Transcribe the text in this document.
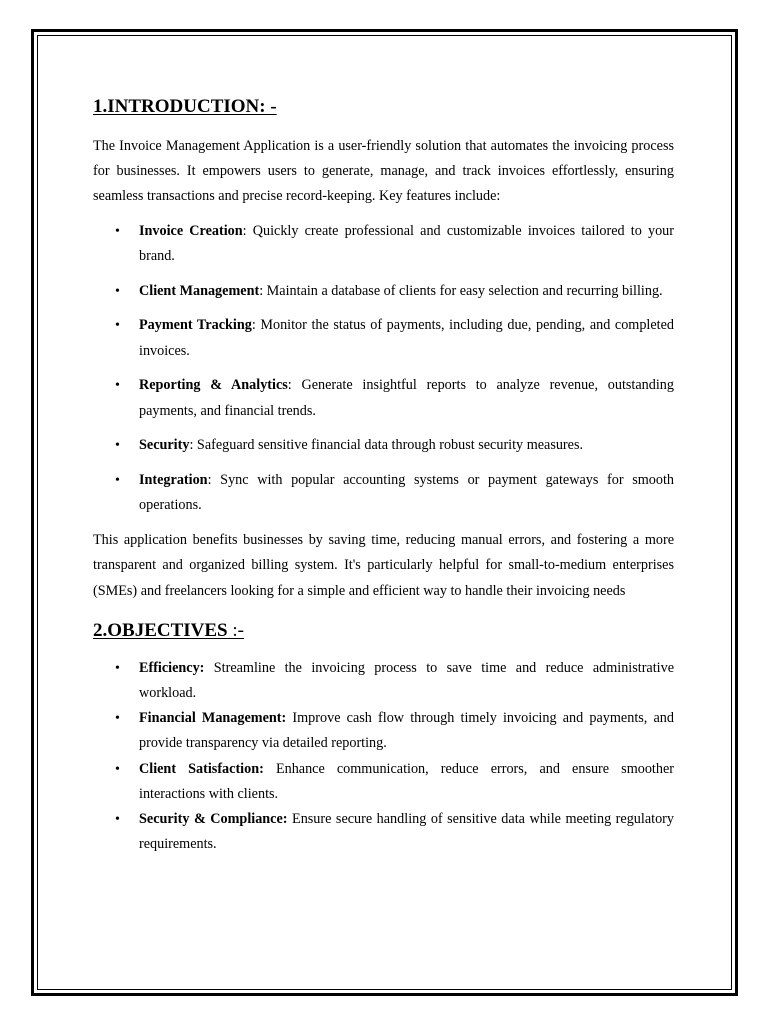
1.INTRODUCTION: -

The Invoice Management Application is a user-friendly solution that automates the invoicing process for businesses. It empowers users to generate, manage, and track invoices effortlessly, ensuring seamless transactions and precise record-keeping. Key features include:

• Invoice Creation: Quickly create professional and customizable invoices tailored to your brand.
• Client Management: Maintain a database of clients for easy selection and recurring billing.
• Payment Tracking: Monitor the status of payments, including due, pending, and completed invoices.
• Reporting & Analytics: Generate insightful reports to analyze revenue, outstanding payments, and financial trends.
• Security: Safeguard sensitive financial data through robust security measures.
• Integration: Sync with popular accounting systems or payment gateways for smooth operations.

This application benefits businesses by saving time, reducing manual errors, and fostering a more transparent and organized billing system. It's particularly helpful for small-to-medium enterprises (SMEs) and freelancers looking for a simple and efficient way to handle their invoicing needs

2.OBJECTIVES :-
• Efficiency: Streamline the invoicing process to save time and reduce administrative workload.
• Financial Management: Improve cash flow through timely invoicing and payments, and provide transparency via detailed reporting.
• Client Satisfaction: Enhance communication, reduce errors, and ensure smoother interactions with clients.
• Security & Compliance: Ensure secure handling of sensitive data while meeting regulatory requirements.
